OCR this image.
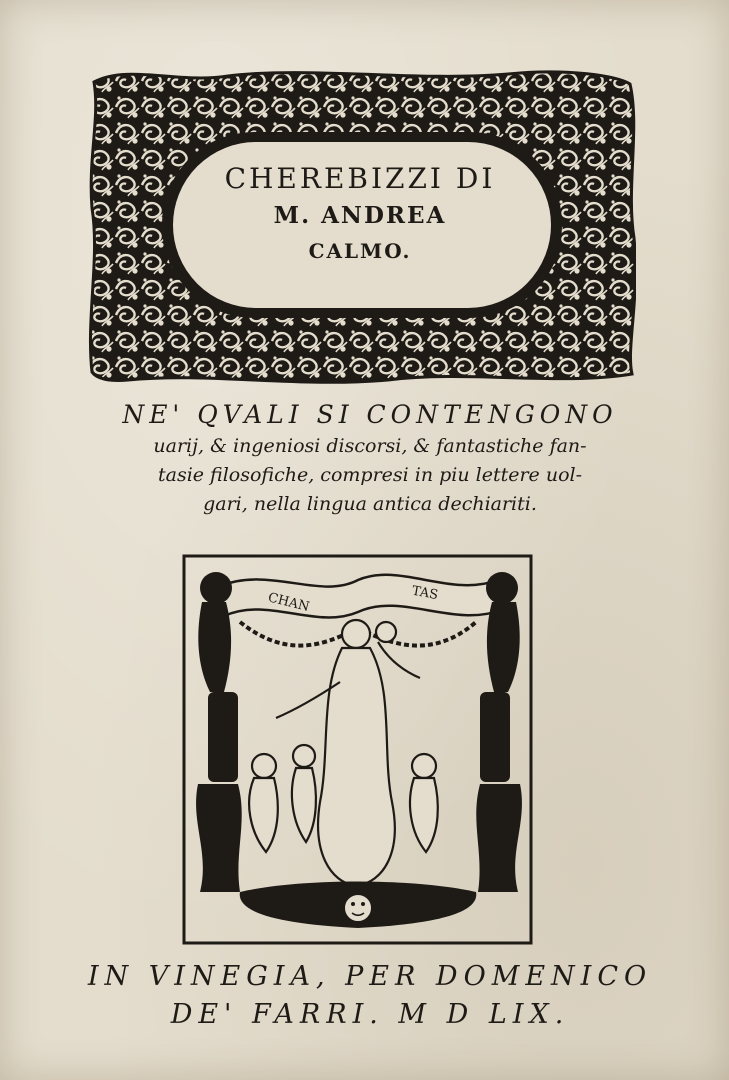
CHEREBIZZI DI
M. ANDREA
CALMO.
NE' QVALI SI CONTENGONO
uarij, & ingeniosi discorsi, & fantastiche fan-
tasie filosofiche, compresi in piu lettere uol-
gari, nella lingua antica dechiariti.
CHAN	TAS
IN VINEGIA, PER DOMENICO
DE' FARRI. M D LIX.
